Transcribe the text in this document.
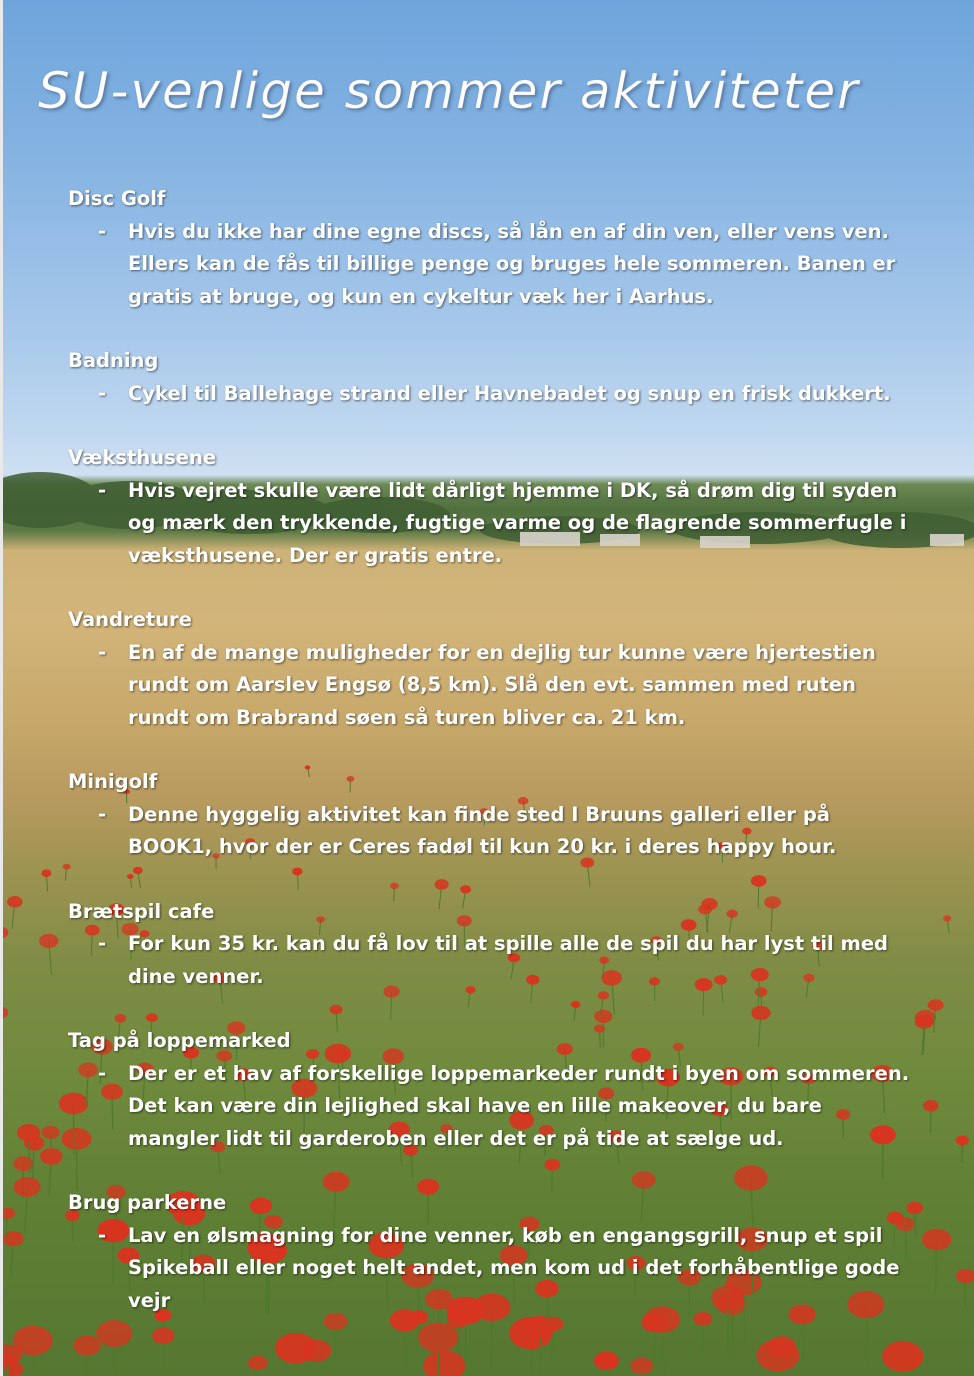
SU-venlige sommer aktiviteter
Disc Golf
- Hvis du ikke har dine egne discs, så lån en af din ven, eller vens ven. Ellers kan de fås til billige penge og bruges hele sommeren. Banen er gratis at bruge, og kun en cykeltur væk her i Aarhus.
Badning
- Cykel til Ballehage strand eller Havnebadet og snup en frisk dukkert.
Væksthusene
- Hvis vejret skulle være lidt dårligt hjemme i DK, så drøm dig til syden og mærk den trykkende, fugtige varme og de flagrende sommerfugle i væksthusene. Der er gratis entre.
Vandreture
- En af de mange muligheder for en dejlig tur kunne være hjertestien rundt om Aarslev Engsø (8,5 km). Slå den evt. sammen med ruten rundt om Brabrand søen så turen bliver ca. 21 km.
Minigolf
- Denne hyggelig aktivitet kan finde sted I Bruuns galleri eller på BOOK1, hvor der er Ceres fadøl til kun 20 kr. i deres happy hour.
Brætspil cafe
- For kun 35 kr. kan du få lov til at spille alle de spil du har lyst til med dine venner.
Tag på loppemarked
- Der er et hav af forskellige loppemarkeder rundt i byen om sommeren. Det kan være din lejlighed skal have en lille makeover, du bare mangler lidt til garderoben eller det er på tide at sælge ud.
Brug parkerne
- Lav en ølsmagning for dine venner, køb en engangsgrill, snup et spil Spikeball eller noget helt andet, men kom ud i det forhåbentlige gode vejr
